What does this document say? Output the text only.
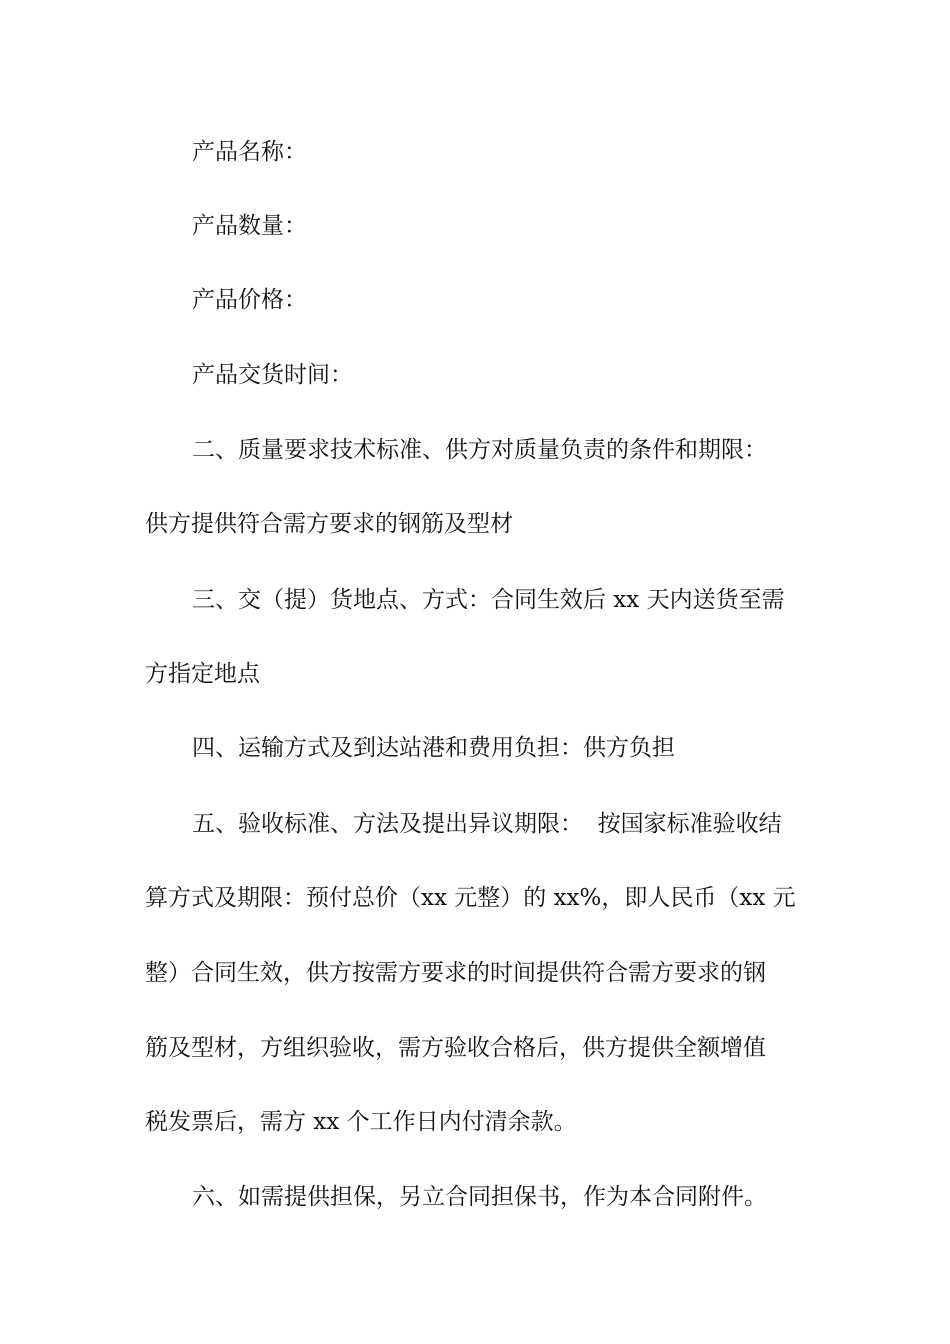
产品名称：
产品数量：
产品价格：
产品交货时间：
二、质量要求技术标准、供方对质量负责的条件和期限：
供方提供符合需方要求的钢筋及型材
三、交（提）货地点、方式：合同生效后 xx 天内送货至需
方指定地点
四、运输方式及到达站港和费用负担：供方负担
五、验收标准、方法及提出异议期限：  按国家标准验收结
算方式及期限：预付总价（xx 元整）的 xx%，即人民币（xx 元
整）合同生效，供方按需方要求的时间提供符合需方要求的钢
筋及型材，方组织验收，需方验收合格后，供方提供全额增值
税发票后，需方 xx 个工作日内付清余款。
六、如需提供担保，另立合同担保书，作为本合同附件。
